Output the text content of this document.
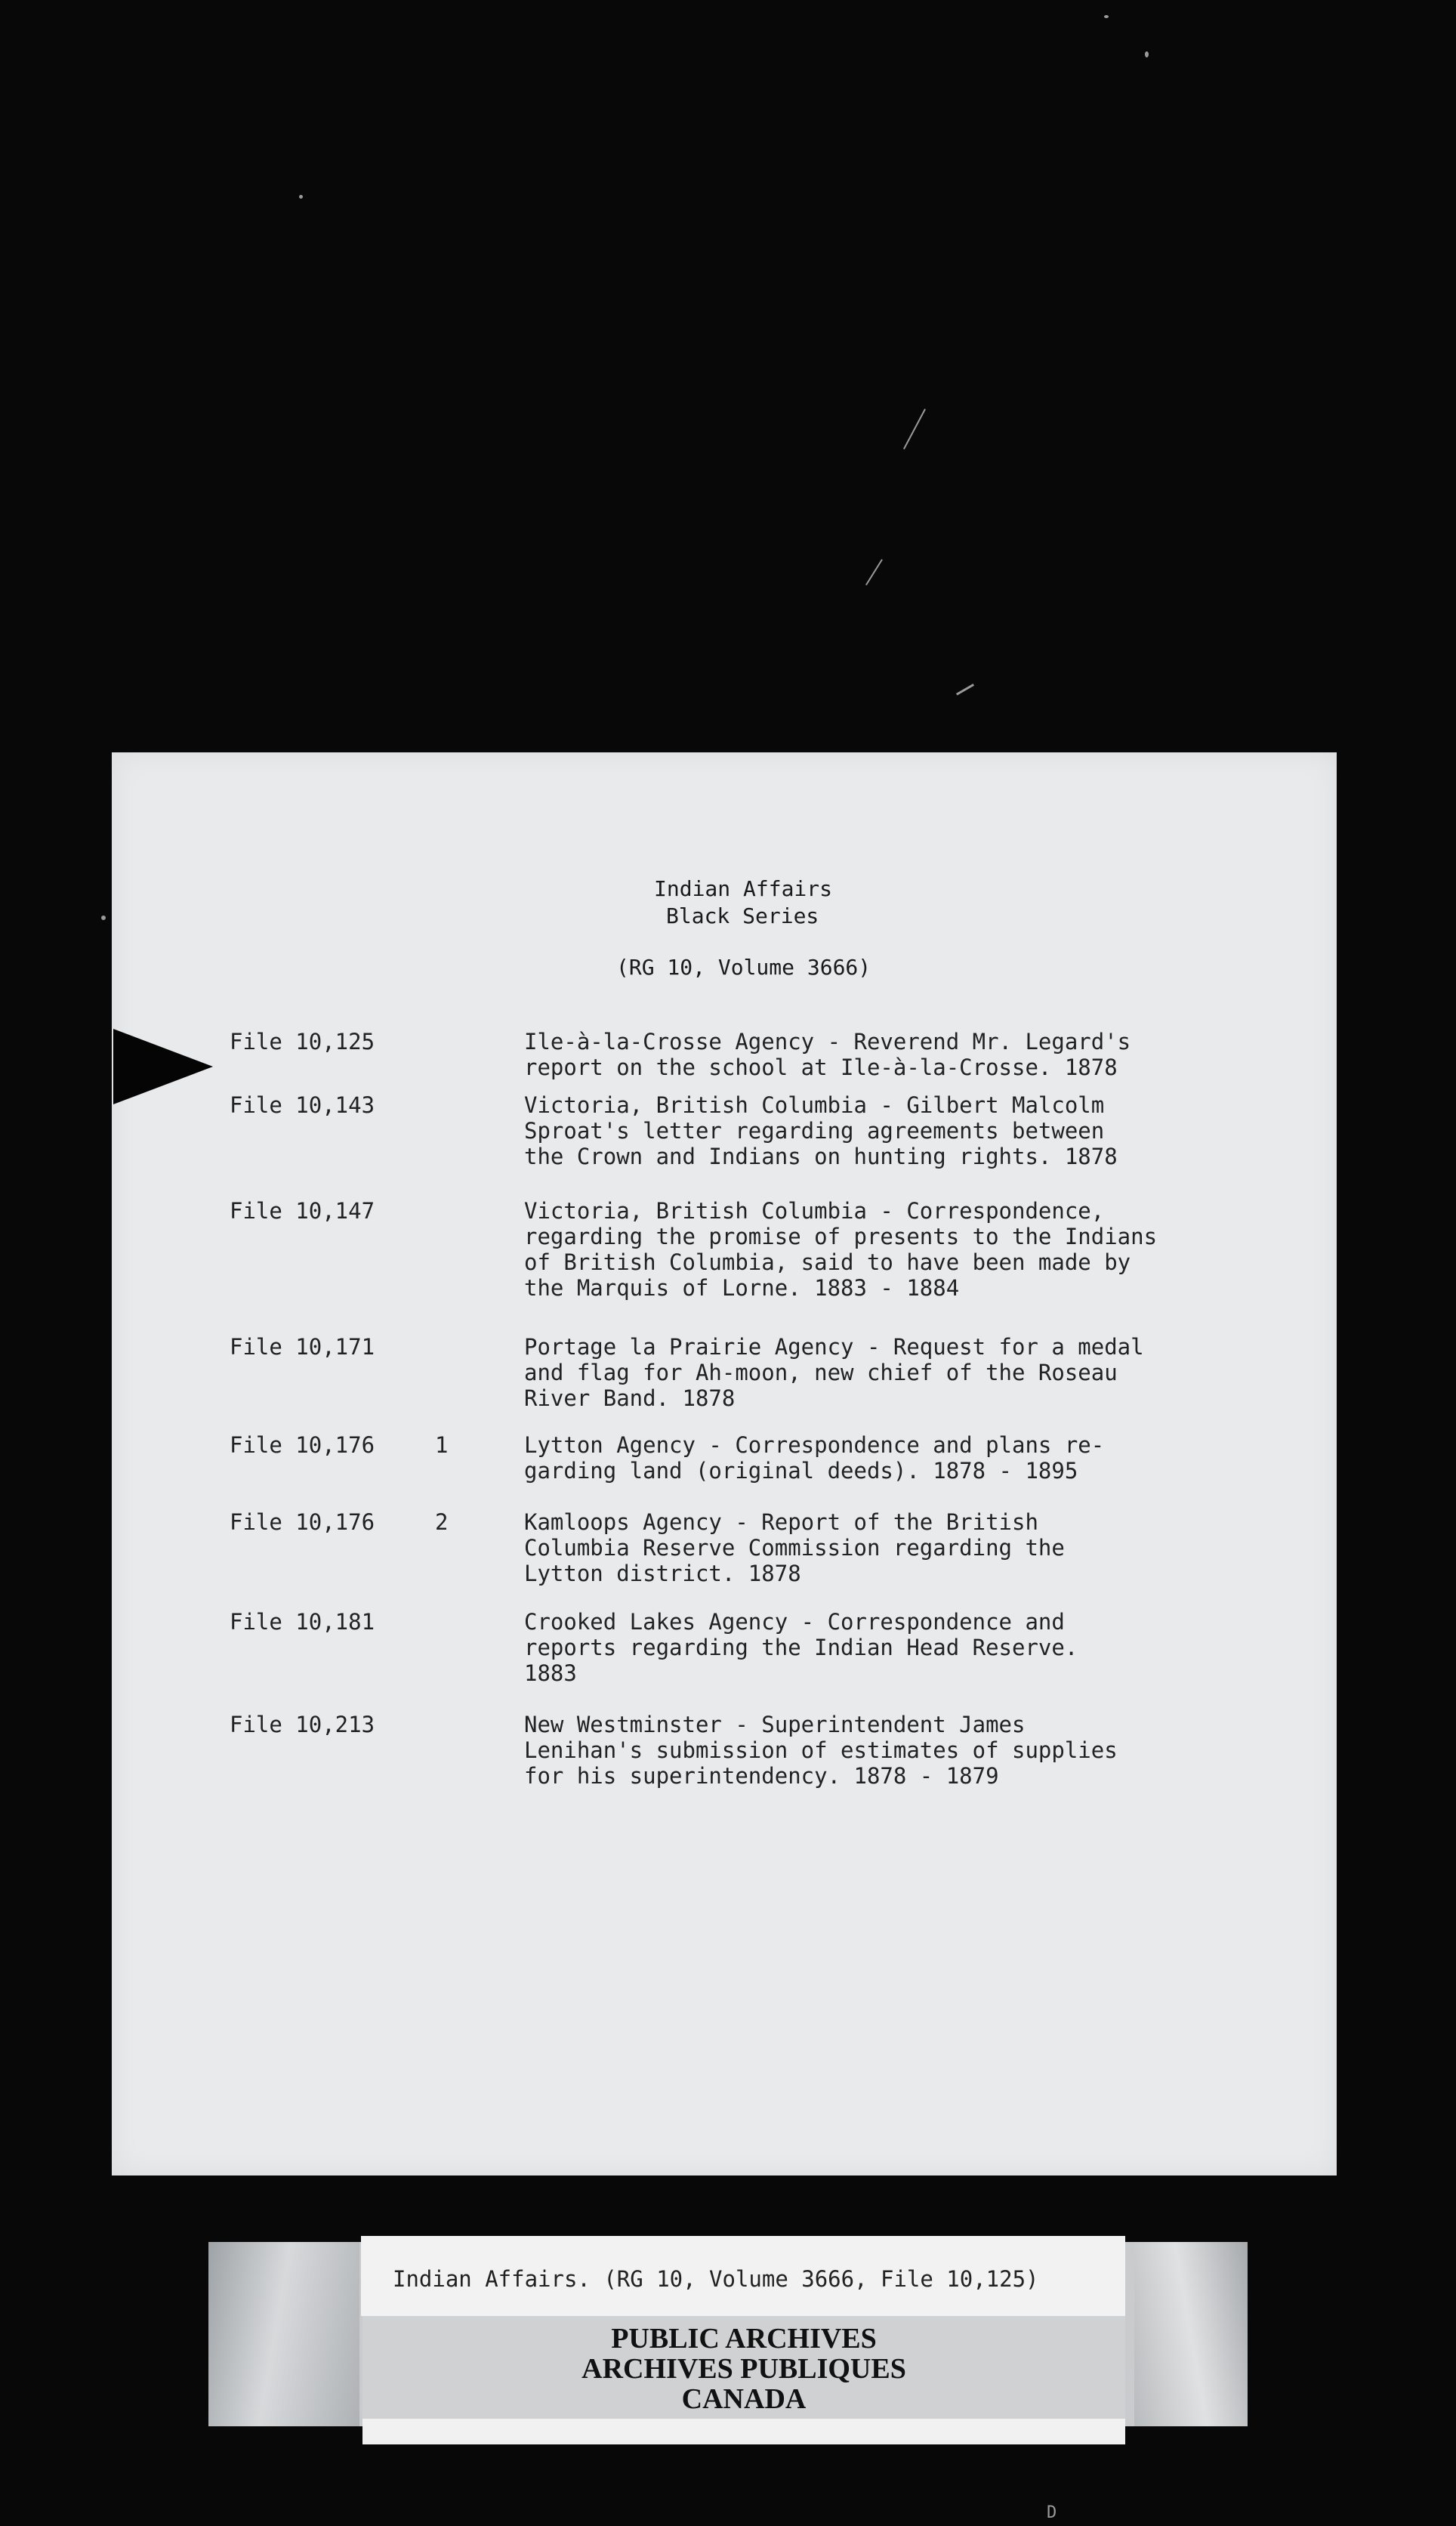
Indian Affairs
Black Series
(RG 10, Volume 3666)
File 10,125	Ile-à-la-Crosse Agency - Reverend Mr. Legard's
report on the school at Ile-à-la-Crosse. 1878
File 10,143	Victoria, British Columbia - Gilbert Malcolm
Sproat's letter regarding agreements between
the Crown and Indians on hunting rights. 1878
File 10,147	Victoria, British Columbia - Correspondence,
regarding the promise of presents to the Indians
of British Columbia, said to have been made by
the Marquis of Lorne. 1883 - 1884
File 10,171	Portage la Prairie Agency - Request for a medal
and flag for Ah-moon, new chief of the Roseau
River Band. 1878
File 10,176	1	Lytton Agency - Correspondence and plans re-
garding land (original deeds). 1878 - 1895
File 10,176	2	Kamloops Agency - Report of the British
Columbia Reserve Commission regarding the
Lytton district. 1878
File 10,181	Crooked Lakes Agency - Correspondence and
reports regarding the Indian Head Reserve.
1883
File 10,213	New Westminster - Superintendent James
Lenihan's submission of estimates of supplies
for his superintendency. 1878 - 1879
Indian Affairs. (RG 10, Volume 3666, File 10,125)
PUBLIC ARCHIVES
ARCHIVES PUBLIQUES
CANADA
D
